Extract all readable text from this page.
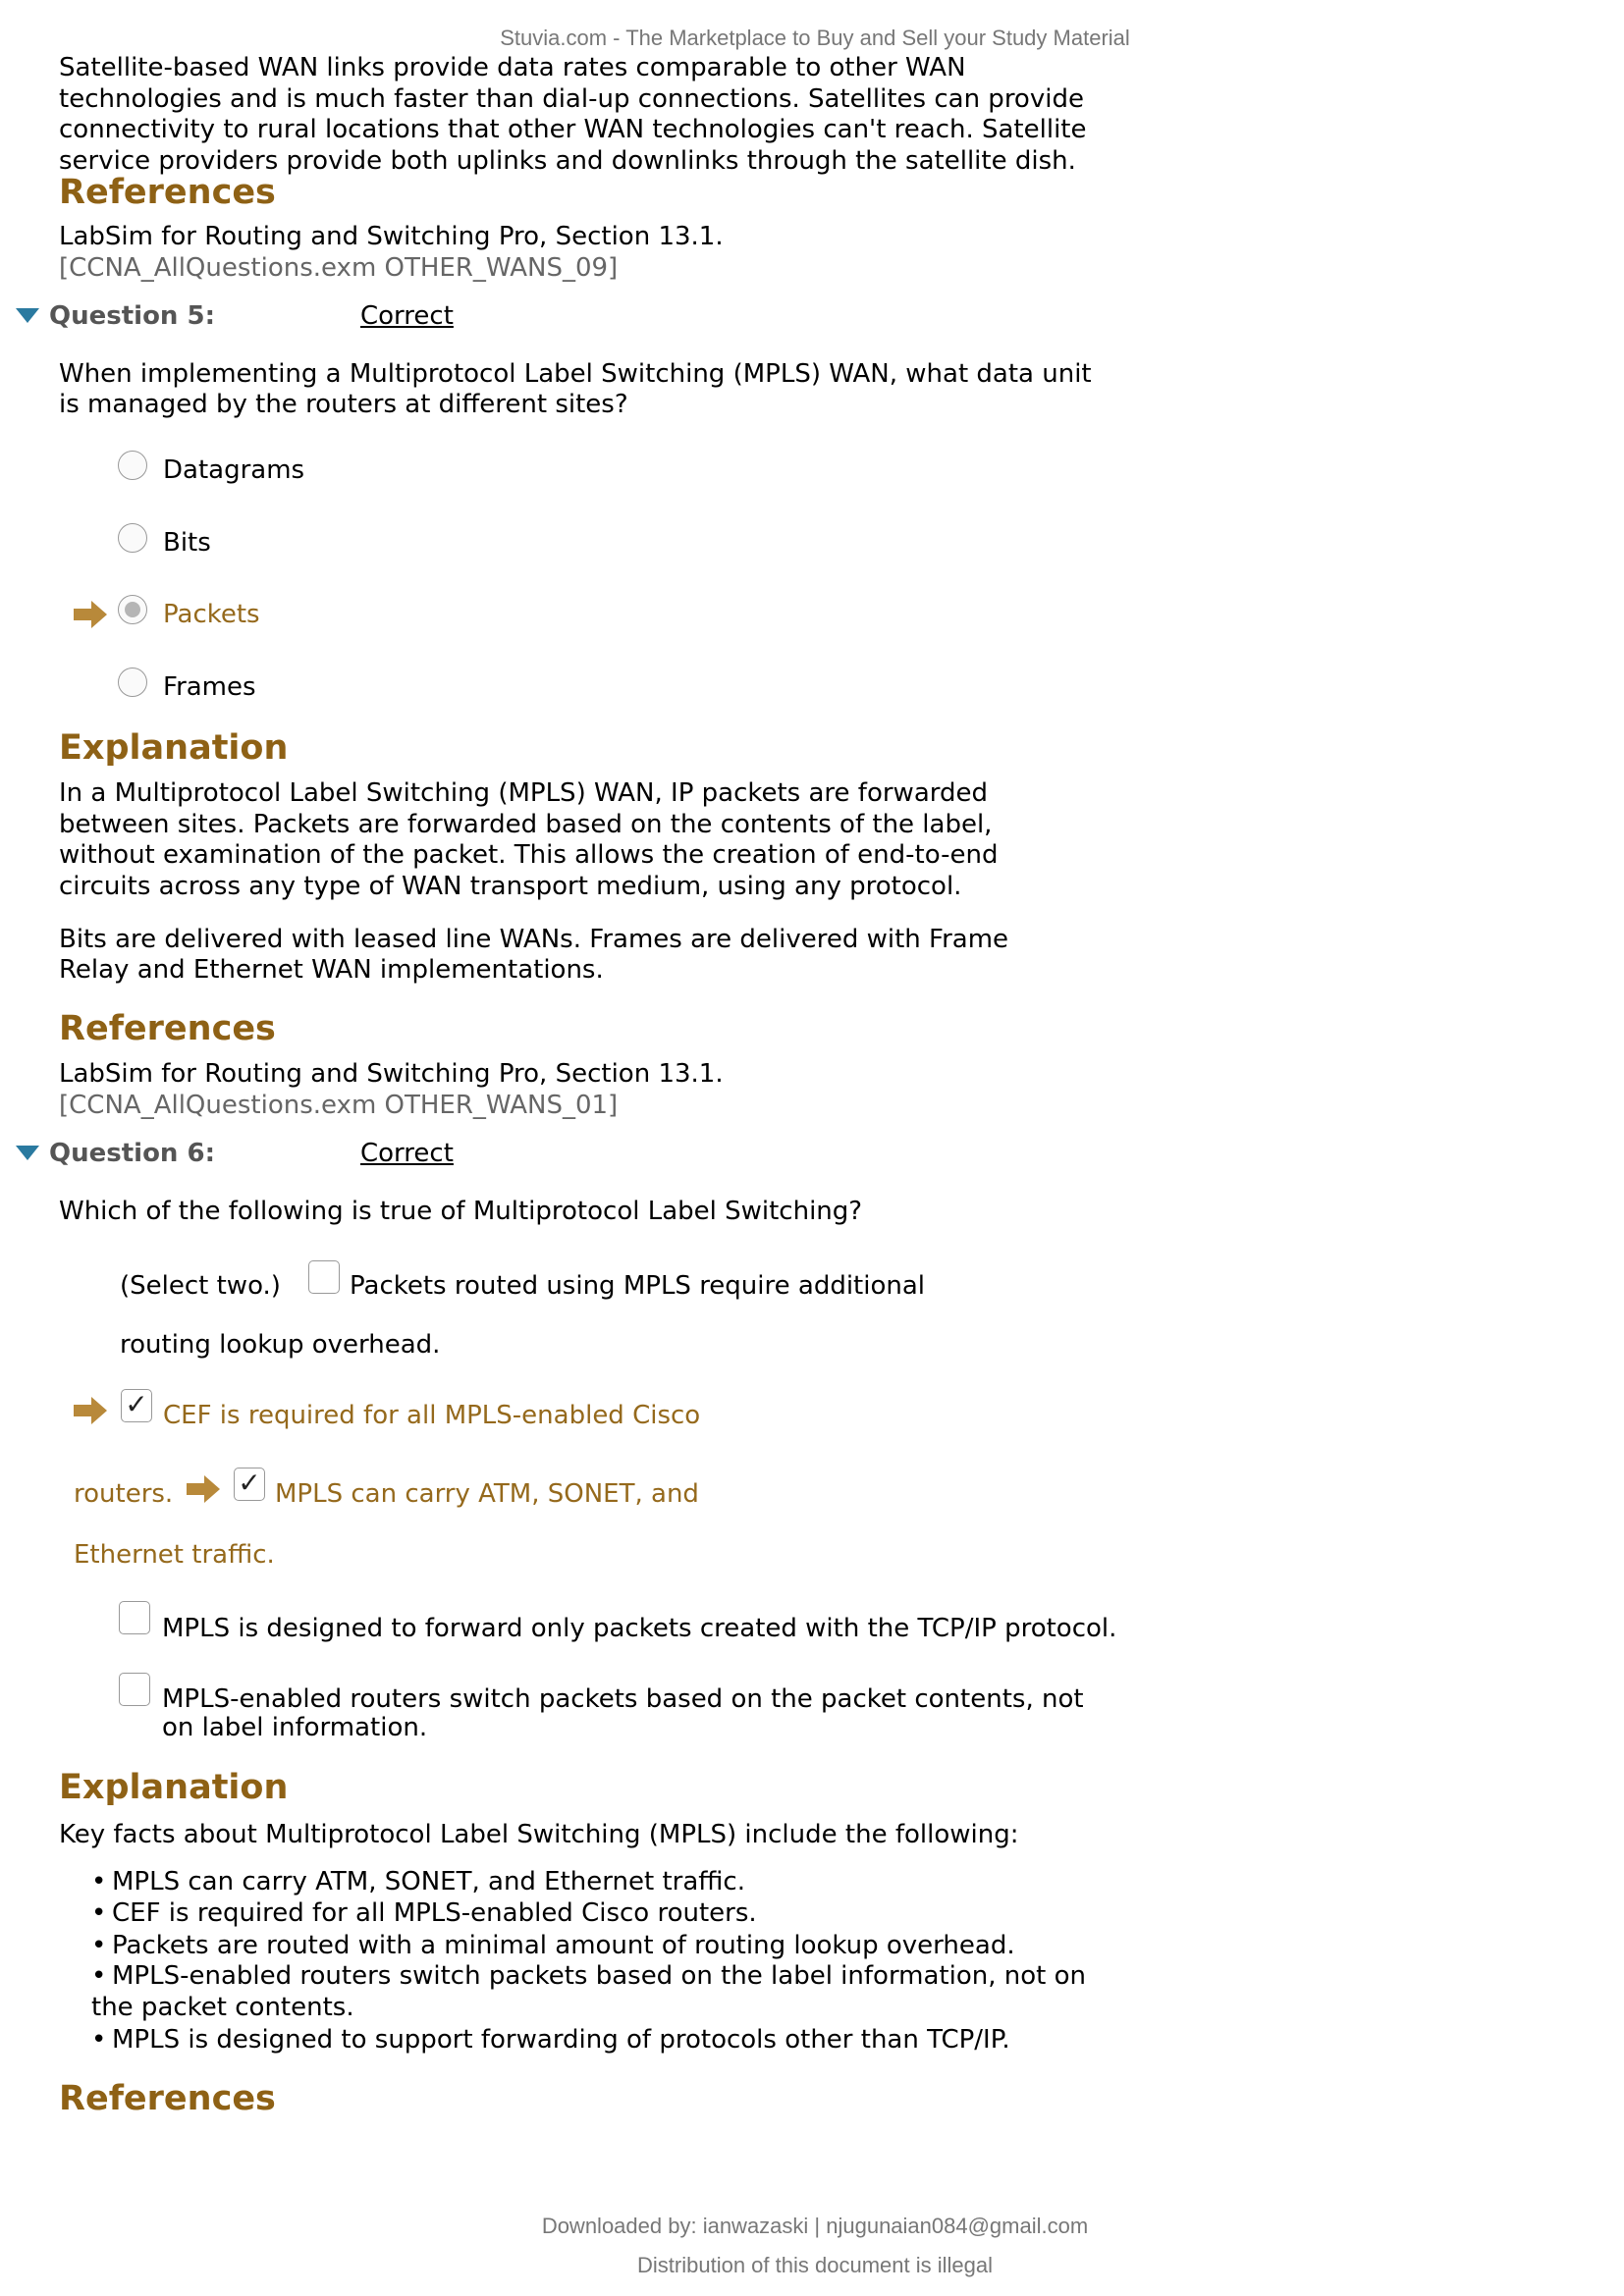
Stuvia.com - The Marketplace to Buy and Sell your Study Material
Satellite-based WAN links provide data rates comparable to other WAN
technologies and is much faster than dial-up connections. Satellites can provide
connectivity to rural locations that other WAN technologies can't reach. Satellite
service providers provide both uplinks and downlinks through the satellite dish.
References
LabSim for Routing and Switching Pro, Section 13.1.
[CCNA_AllQuestions.exm OTHER_WANS_09]
Question 5:	Correct
When implementing a Multiprotocol Label Switching (MPLS) WAN, what data unit
is managed by the routers at different sites?
Datagrams
Bits
Packets
Frames
Explanation
In a Multiprotocol Label Switching (MPLS) WAN, IP packets are forwarded
between sites. Packets are forwarded based on the contents of the label,
without examination of the packet. This allows the creation of end-to-end
circuits across any type of WAN transport medium, using any protocol.
Bits are delivered with leased line WANs. Frames are delivered with Frame
Relay and Ethernet WAN implementations.
References
LabSim for Routing and Switching Pro, Section 13.1.
[CCNA_AllQuestions.exm OTHER_WANS_01]
Question 6:	Correct
Which of the following is true of Multiprotocol Label Switching?
(Select two.)	Packets routed using MPLS require additional
routing lookup overhead.
✓ CEF is required for all MPLS-enabled Cisco
routers. ✓ MPLS can carry ATM, SONET, and
Ethernet traffic.
MPLS is designed to forward only packets created with the TCP/IP protocol.
MPLS-enabled routers switch packets based on the packet contents, not
on label information.
Explanation
Key facts about Multiprotocol Label Switching (MPLS) include the following:
• MPLS can carry ATM, SONET, and Ethernet traffic.
• CEF is required for all MPLS-enabled Cisco routers.
• Packets are routed with a minimal amount of routing lookup overhead.
• MPLS-enabled routers switch packets based on the label information, not on
the packet contents.
• MPLS is designed to support forwarding of protocols other than TCP/IP.
References
Downloaded by: ianwazaski | njugunaian084@gmail.com
Distribution of this document is illegal
